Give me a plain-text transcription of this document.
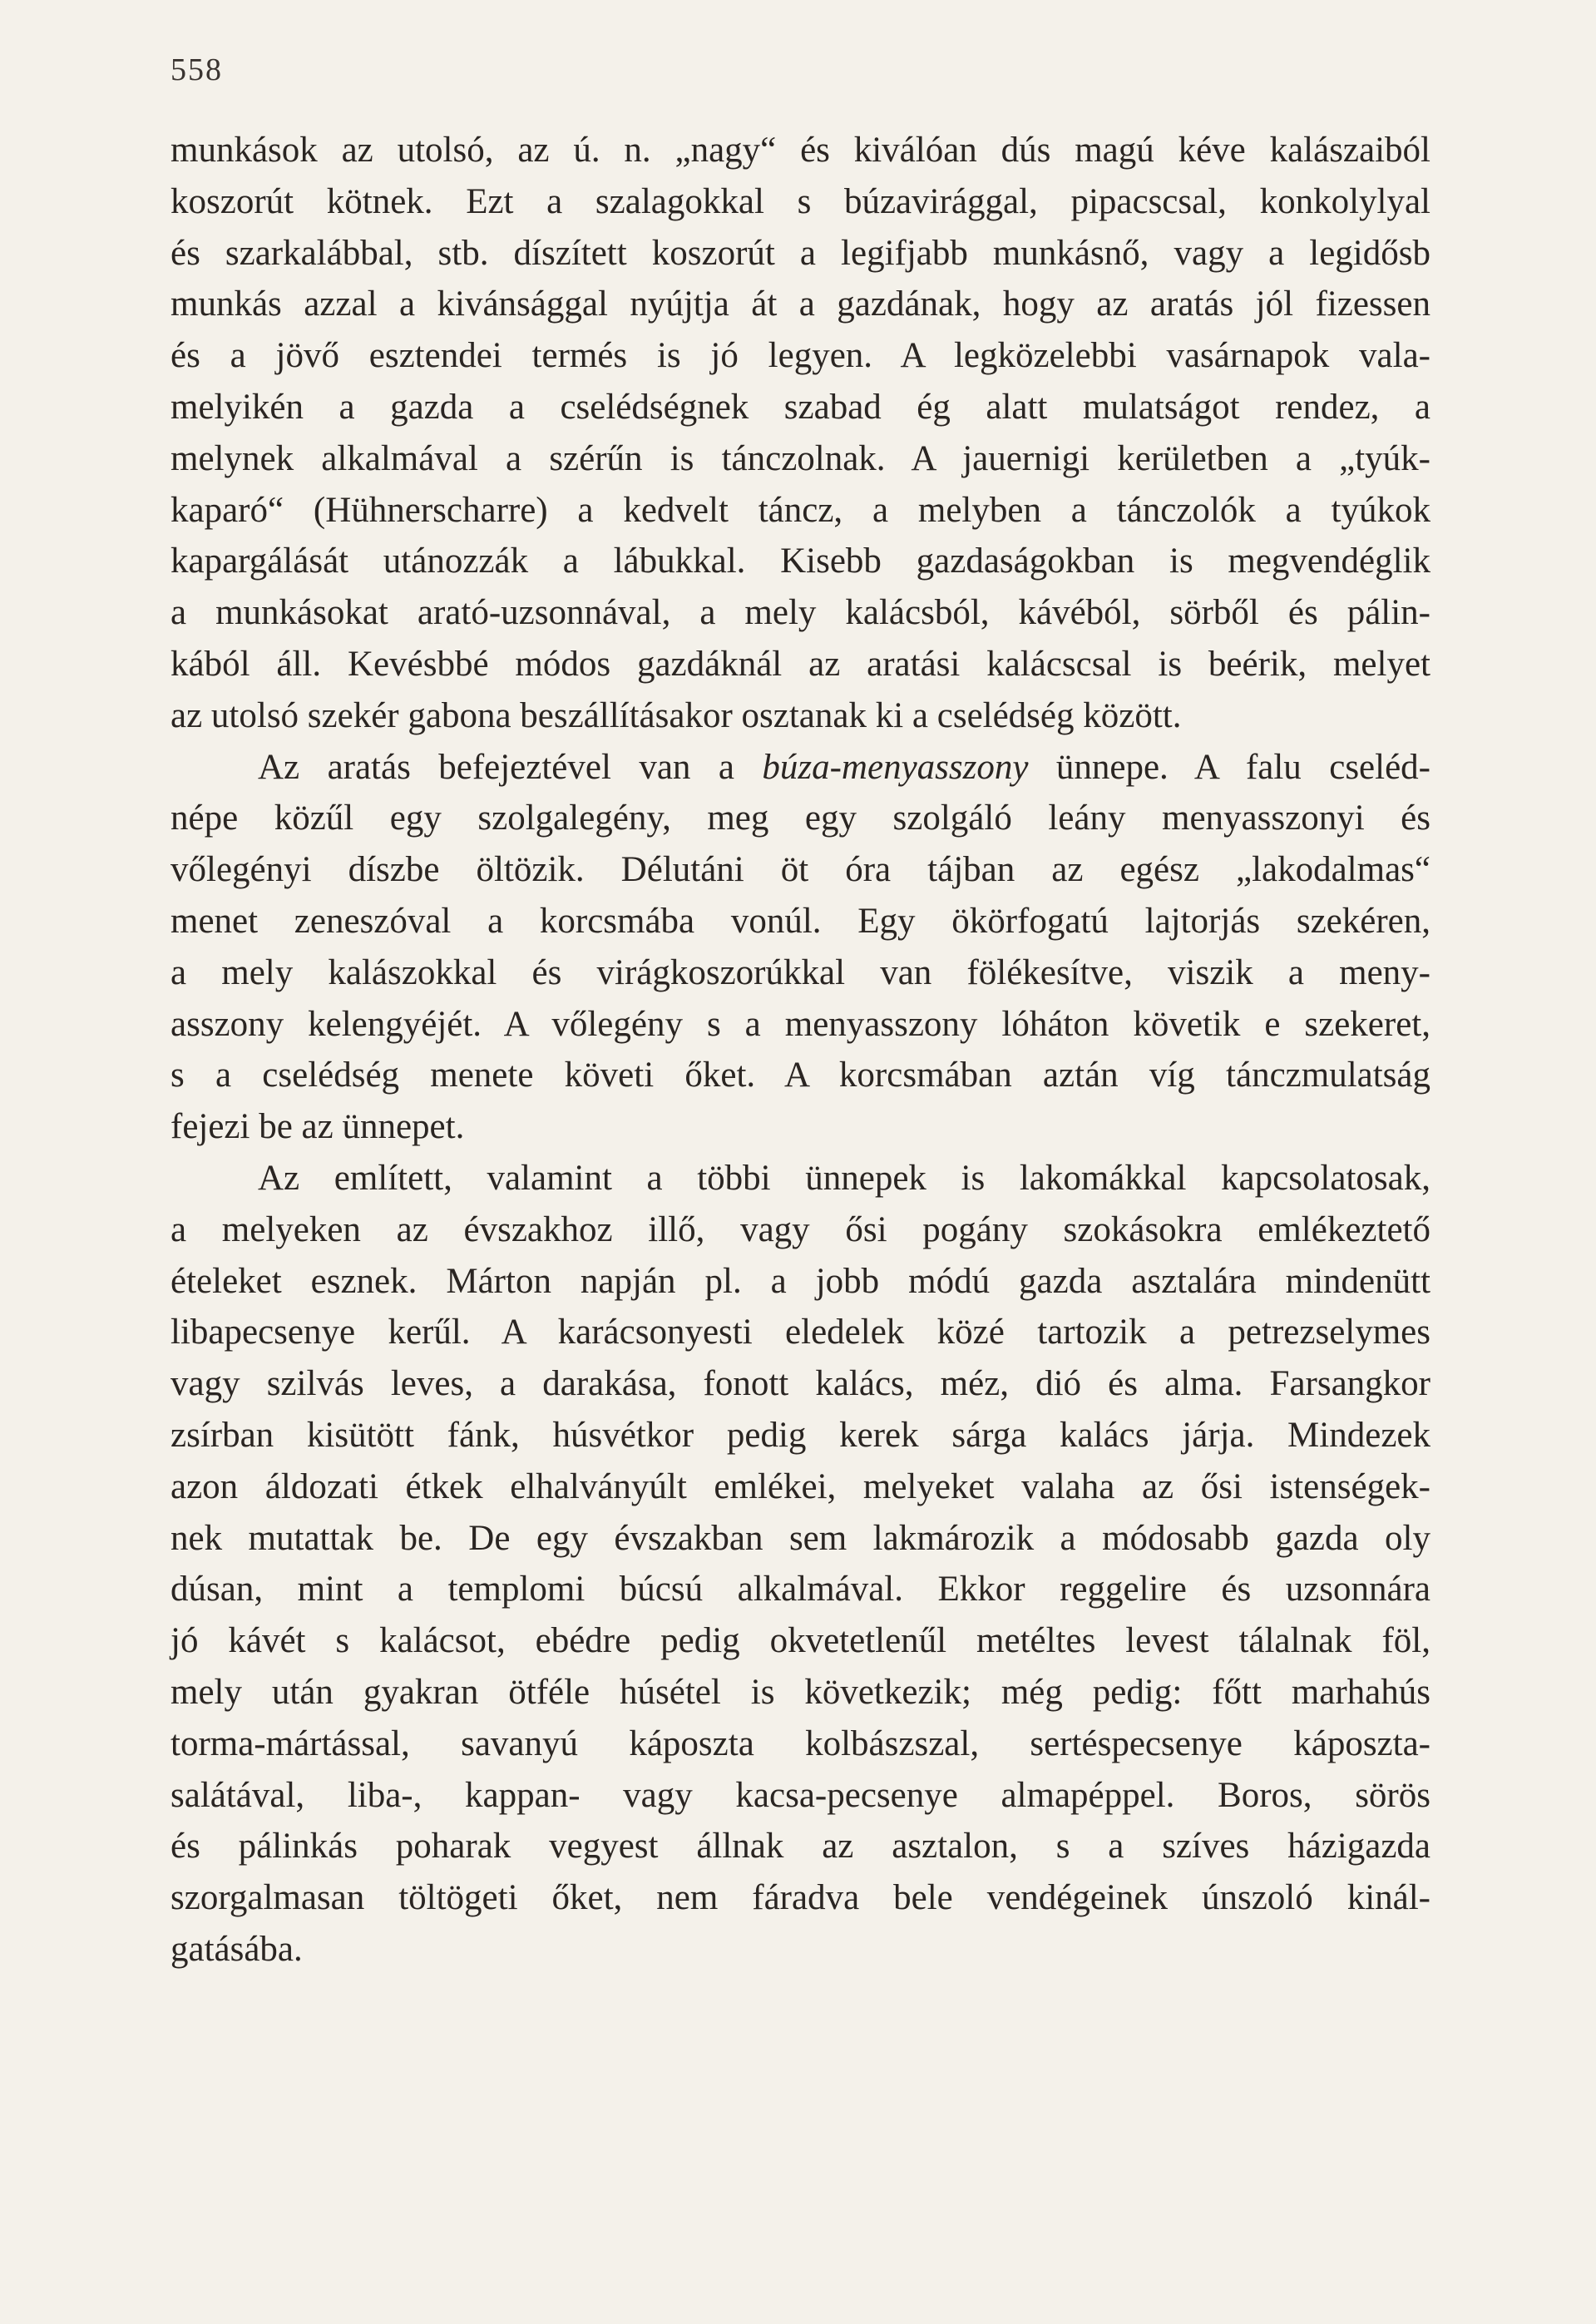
558
munkások az utolsó, az ú. n. „nagy“ és kiválóan dús magú kéve kalászaiból
koszorút kötnek. Ezt a szalagokkal s búzavirággal, pipacscsal, konkolylyal
és szarkalábbal, stb. díszített koszorút a legifjabb munkásnő, vagy a legidősb
munkás azzal a kivánsággal nyújtja át a gazdának, hogy az aratás jól fizessen
és a jövő esztendei termés is jó legyen. A legközelebbi vasárnapok vala-
melyikén a gazda a cselédségnek szabad ég alatt mulatságot rendez, a
melynek alkalmával a szérűn is tánczolnak. A jauernigi kerületben a „tyúk-
kaparó“ (Hühnerscharre) a kedvelt táncz, a melyben a tánczolók a tyúkok
kapargálását utánozzák a lábukkal. Kisebb gazdaságokban is megvendéglik
a munkásokat arató-uzsonnával, a mely kalácsból, kávéból, sörből és pálin-
kából áll. Kevésbbé módos gazdáknál az aratási kalácscsal is beérik, melyet
az utolsó szekér gabona beszállításakor osztanak ki a cselédség között.
Az aratás befejeztével van a búza-menyasszony ünnepe. A falu cseléd-
népe közűl egy szolgalegény, meg egy szolgáló leány menyasszonyi és
vőlegényi díszbe öltözik. Délutáni öt óra tájban az egész „lakodalmas“
menet zeneszóval a korcsmába vonúl. Egy ökörfogatú lajtorjás szekéren,
a mely kalászokkal és virágkoszorúkkal van fölékesítve, viszik a meny-
asszony kelengyéjét. A vőlegény s a menyasszony lóháton követik e szekeret,
s a cselédség menete követi őket. A korcsmában aztán víg tánczmulatság
fejezi be az ünnepet.
Az említett, valamint a többi ünnepek is lakomákkal kapcsolatosak,
a melyeken az évszakhoz illő, vagy ősi pogány szokásokra emlékeztető
ételeket esznek. Márton napján pl. a jobb módú gazda asztalára mindenütt
libapecsenye kerűl. A karácsonyesti eledelek közé tartozik a petrezselymes
vagy szilvás leves, a darakása, fonott kalács, méz, dió és alma. Farsangkor
zsírban kisütött fánk, húsvétkor pedig kerek sárga kalács járja. Mindezek
azon áldozati étkek elhalványúlt emlékei, melyeket valaha az ősi istenségek-
nek mutattak be. De egy évszakban sem lakmározik a módosabb gazda oly
dúsan, mint a templomi búcsú alkalmával. Ekkor reggelire és uzsonnára
jó kávét s kalácsot, ebédre pedig okvetetlenűl metéltes levest tálalnak föl,
mely után gyakran ötféle húsétel is következik; még pedig: főtt marhahús
torma-mártással, savanyú káposzta kolbászszal, sertéspecsenye káposzta-
salátával, liba-, kappan- vagy kacsa-pecsenye almapéppel. Boros, sörös
és pálinkás poharak vegyest állnak az asztalon, s a szíves házigazda
szorgalmasan töltögeti őket, nem fáradva bele vendégeinek únszoló kinál-
gatásába.
